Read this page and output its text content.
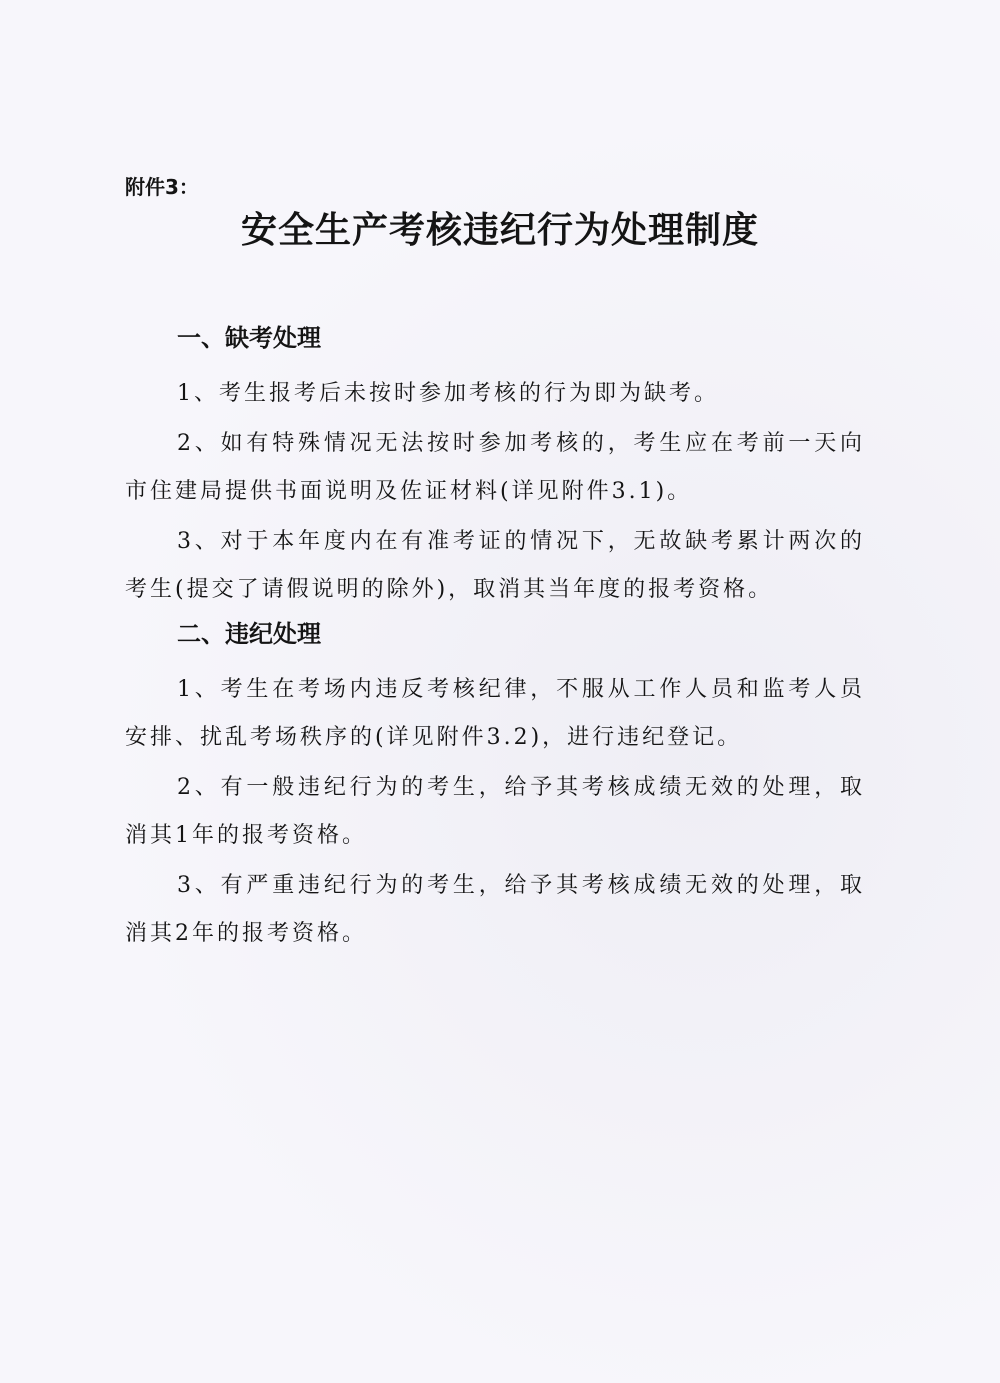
附件3：
安全生产考核违纪行为处理制度
一、缺考处理

1、考生报考后未按时参加考核的行为即为缺考。

2、如有特殊情况无法按时参加考核的，考生应在考前一天向市住建局提供书面说明及佐证材料(详见附件3.1)。

3、对于本年度内在有准考证的情况下，无故缺考累计两次的考生(提交了请假说明的除外)，取消其当年度的报考资格。

二、违纪处理

1、考生在考场内违反考核纪律，不服从工作人员和监考人员安排、扰乱考场秩序的(详见附件3.2)，进行违纪登记。

2、有一般违纪行为的考生，给予其考核成绩无效的处理，取消其1年的报考资格。

3、有严重违纪行为的考生，给予其考核成绩无效的处理，取消其2年的报考资格。
